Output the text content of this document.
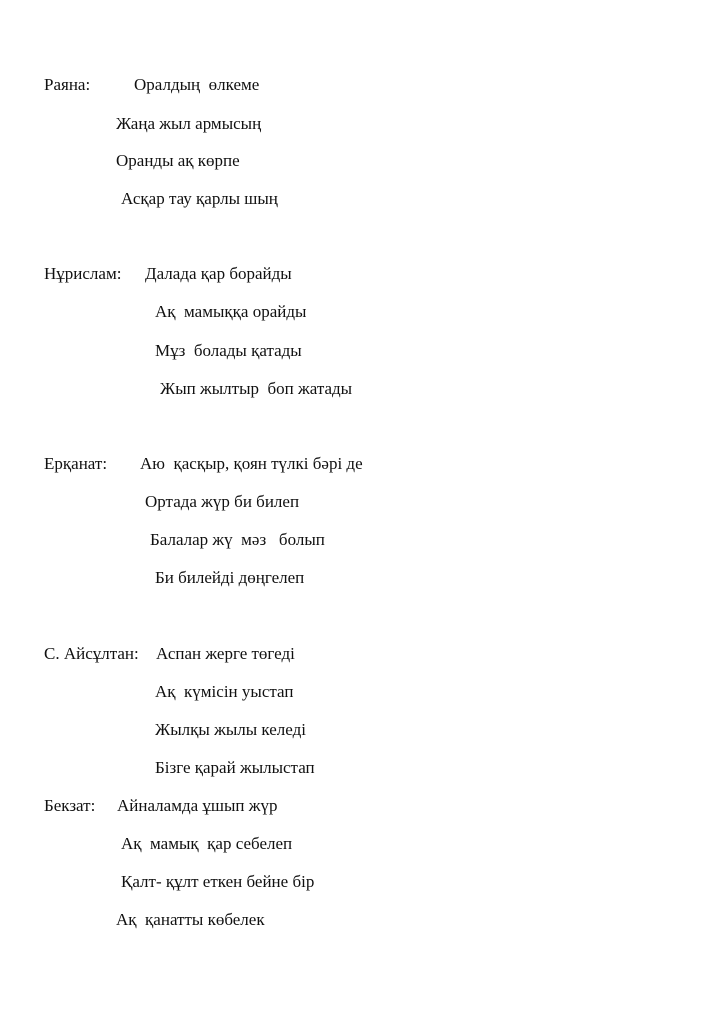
Раяна:	Оралдың  өлкеме
Жаңа жыл армысың
Оранды ақ көрпе
Асқар тау қарлы шың
Нұрислам: Далада қар борайды
Ақ  мамыққа орайды
Мұз  болады қатады
Жып жылтыр  боп жатады
Ерқанат: Аю  қасқыр, қоян түлкі бәрі де
Ортада жүр би билеп
Балалар жү  мәз   болып
Би билейді дөңгелеп
С. Айсұлтан: Аспан жерге төгеді
Ақ  күмісін уыстап
Жылқы жылы келеді
Бізге қарай жылыстап
Бекзат: Айналамда ұшып жүр
Ақ  мамық  қар себелеп
Қалт- құлт еткен бейне бір
Ақ  қанатты көбелек
